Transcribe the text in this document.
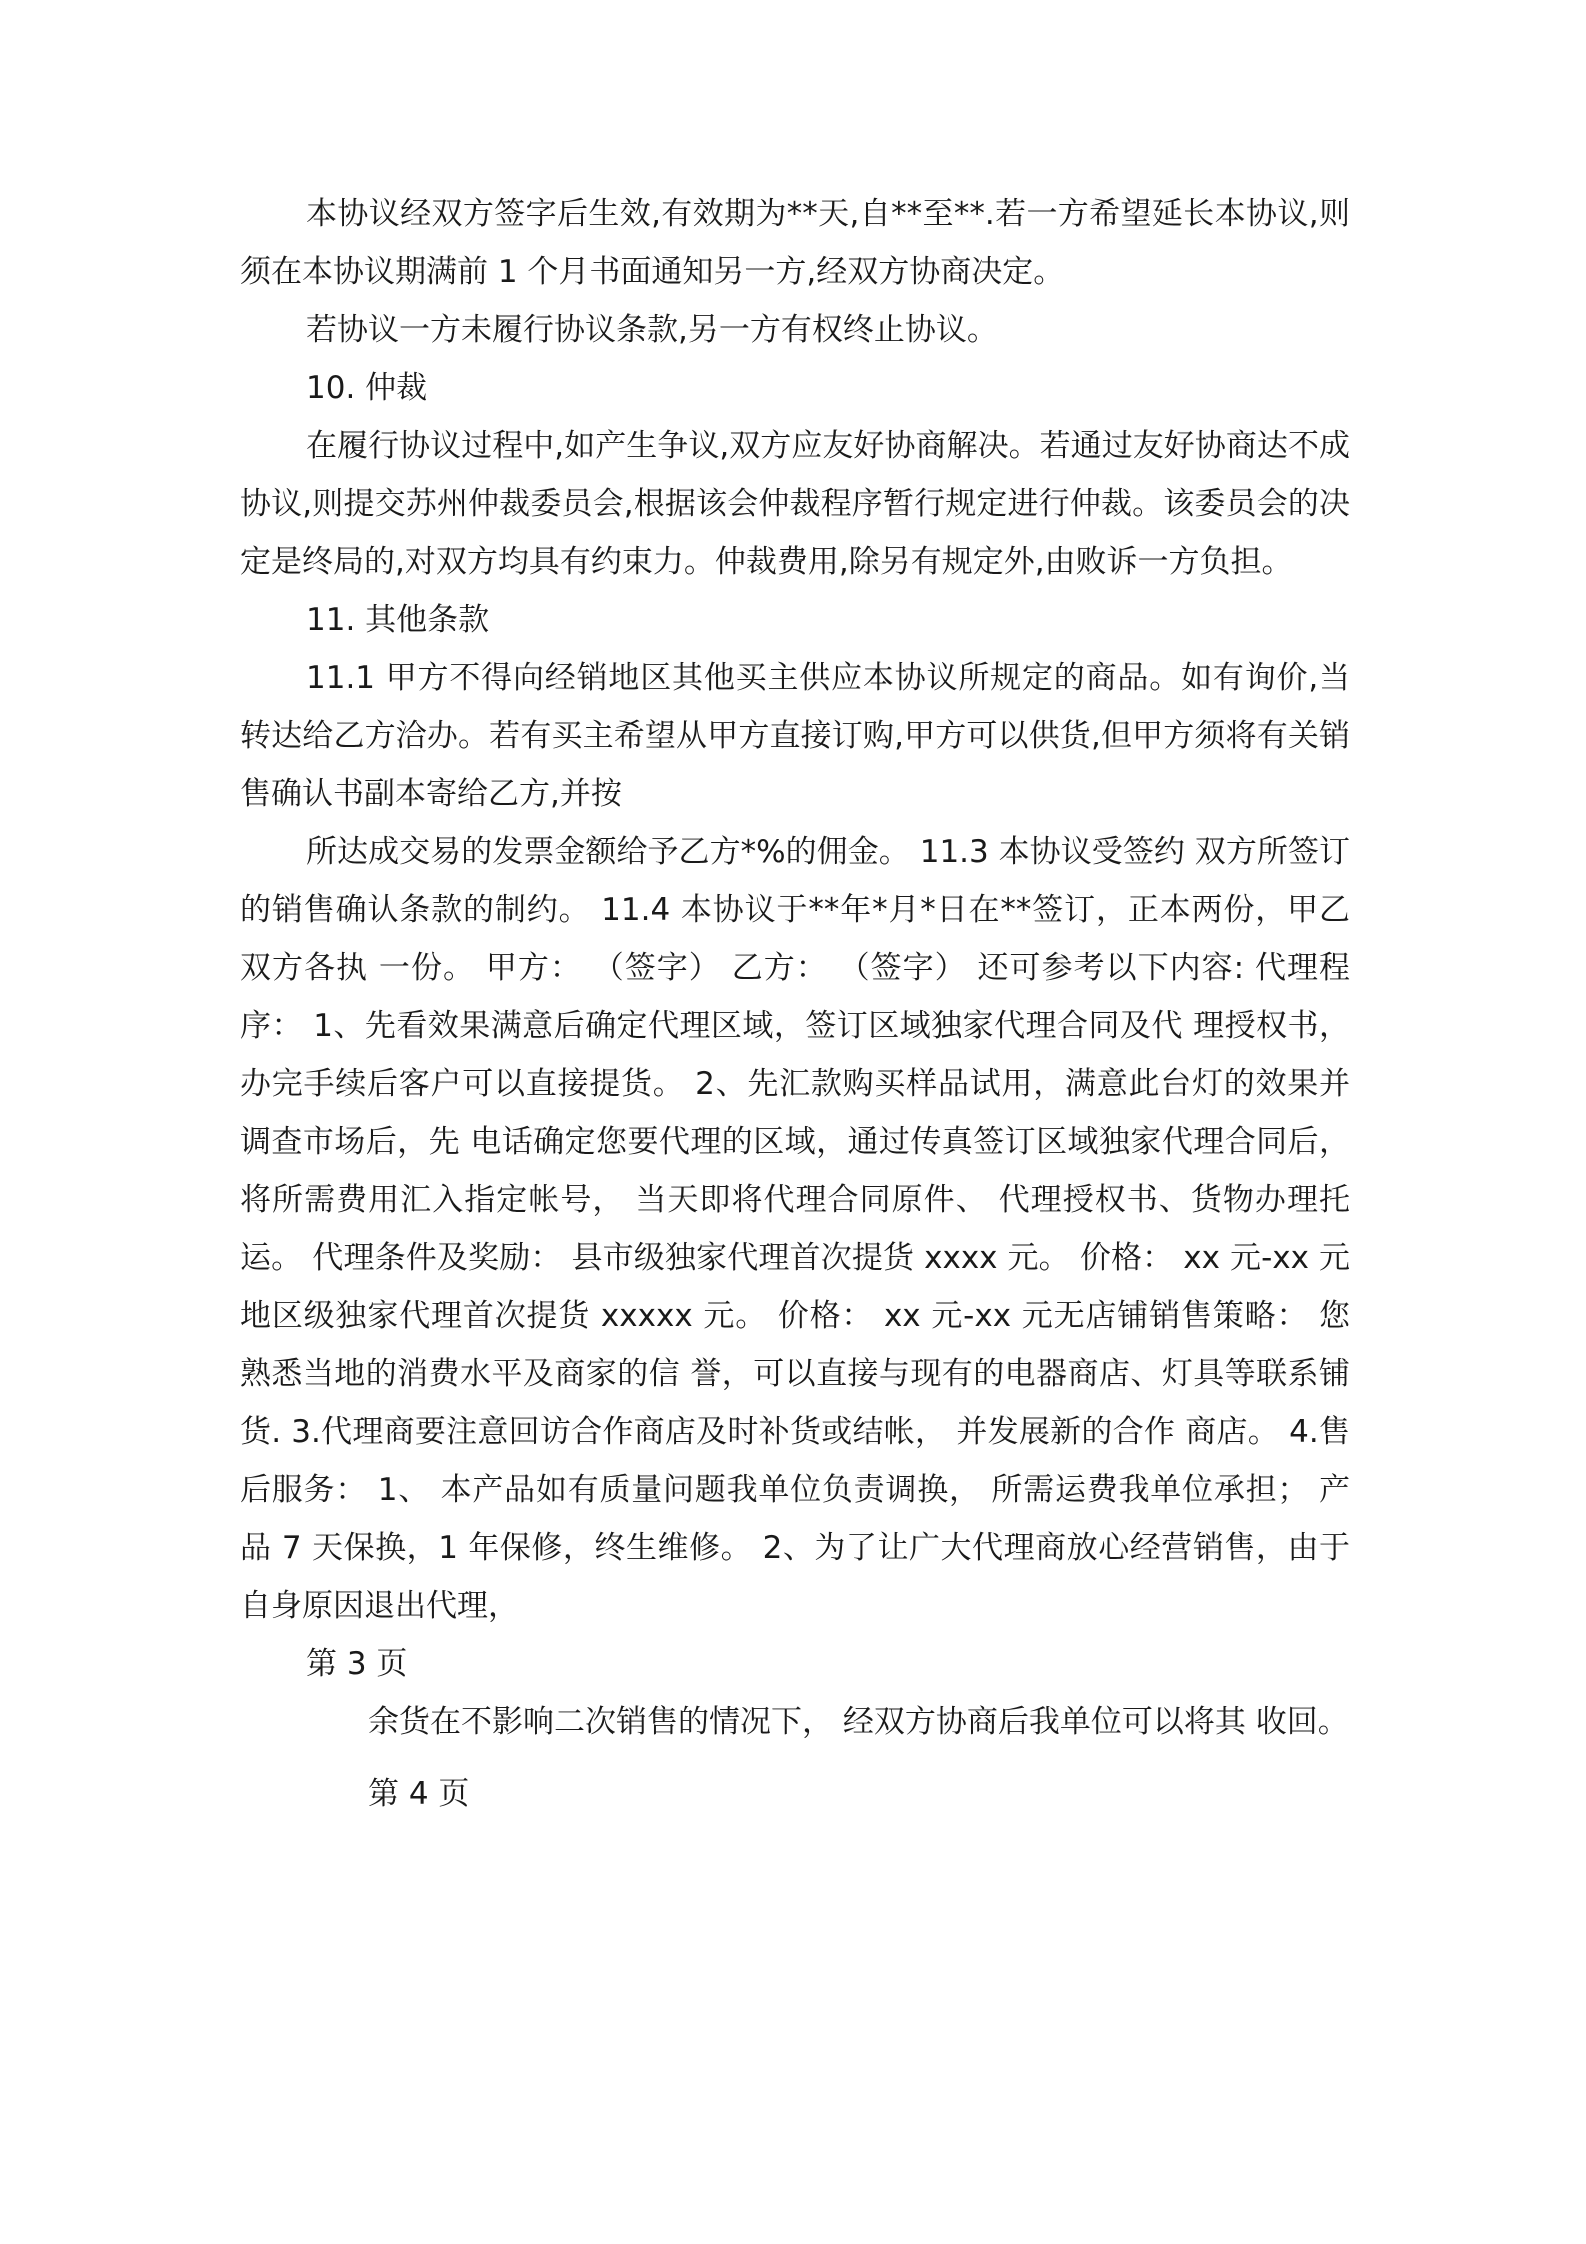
本协议经双方签字后生效,有效期为**天,自**至**.若一方希望延长本协议,则须在本协议期满前 1 个月书面通知另一方,经双方协商决定。

若协议一方未履行协议条款,另一方有权终止协议。

10. 仲裁

在履行协议过程中,如产生争议,双方应友好协商解决。若通过友好协商达不成协议,则提交苏州仲裁委员会,根据该会仲裁程序暂行规定进行仲裁。该委员会的决定是终局的,对双方均具有约束力。仲裁费用,除另有规定外,由败诉一方负担。

11. 其他条款

11.1 甲方不得向经销地区其他买主供应本协议所规定的商品。如有询价,当转达给乙方洽办。若有买主希望从甲方直接订购,甲方可以供货,但甲方须将有关销售确认书副本寄给乙方,并按

所达成交易的发票金额给予乙方*%的佣金。 11.3 本协议受签约 双方所签订的销售确认条款的制约。 11.4 本协议于**年*月*日在**签订，正本两份，甲乙双方各执 一份。 甲方： （签字） 乙方： （签字） 还可参考以下内容: 代理程序： 1、先看效果满意后确定代理区域，签订区域独家代理合同及代 理授权书，办完手续后客户可以直接提货。 2、先汇款购买样品试用，满意此台灯的效果并调查市场后，先 电话确定您要代理的区域，通过传真签订区域独家代理合同后， 将所需费用汇入指定帐号， 当天即将代理合同原件、 代理授权书、货物办理托运。 代理条件及奖励： 县市级独家代理首次提货 xxxx 元。 价格： xx 元-xx 元地区级独家代理首次提货 xxxxx 元。 价格： xx 元-xx 元无店铺销售策略： 您熟悉当地的消费水平及商家的信 誉，可以直接与现有的电器商店、灯具等联系铺货. 3.代理商要注意回访合作商店及时补货或结帐， 并发展新的合作 商店。 4.售后服务： 1、 本产品如有质量问题我单位负责调换， 所需运费我单位承担； 产品 7 天保换，1 年保修，终生维修。 2、为了让广大代理商放心经营销售，由于自身原因退出代理，

第 3 页

余货在不影响二次销售的情况下， 经双方协商后我单位可以将其 收回。

第 4 页
